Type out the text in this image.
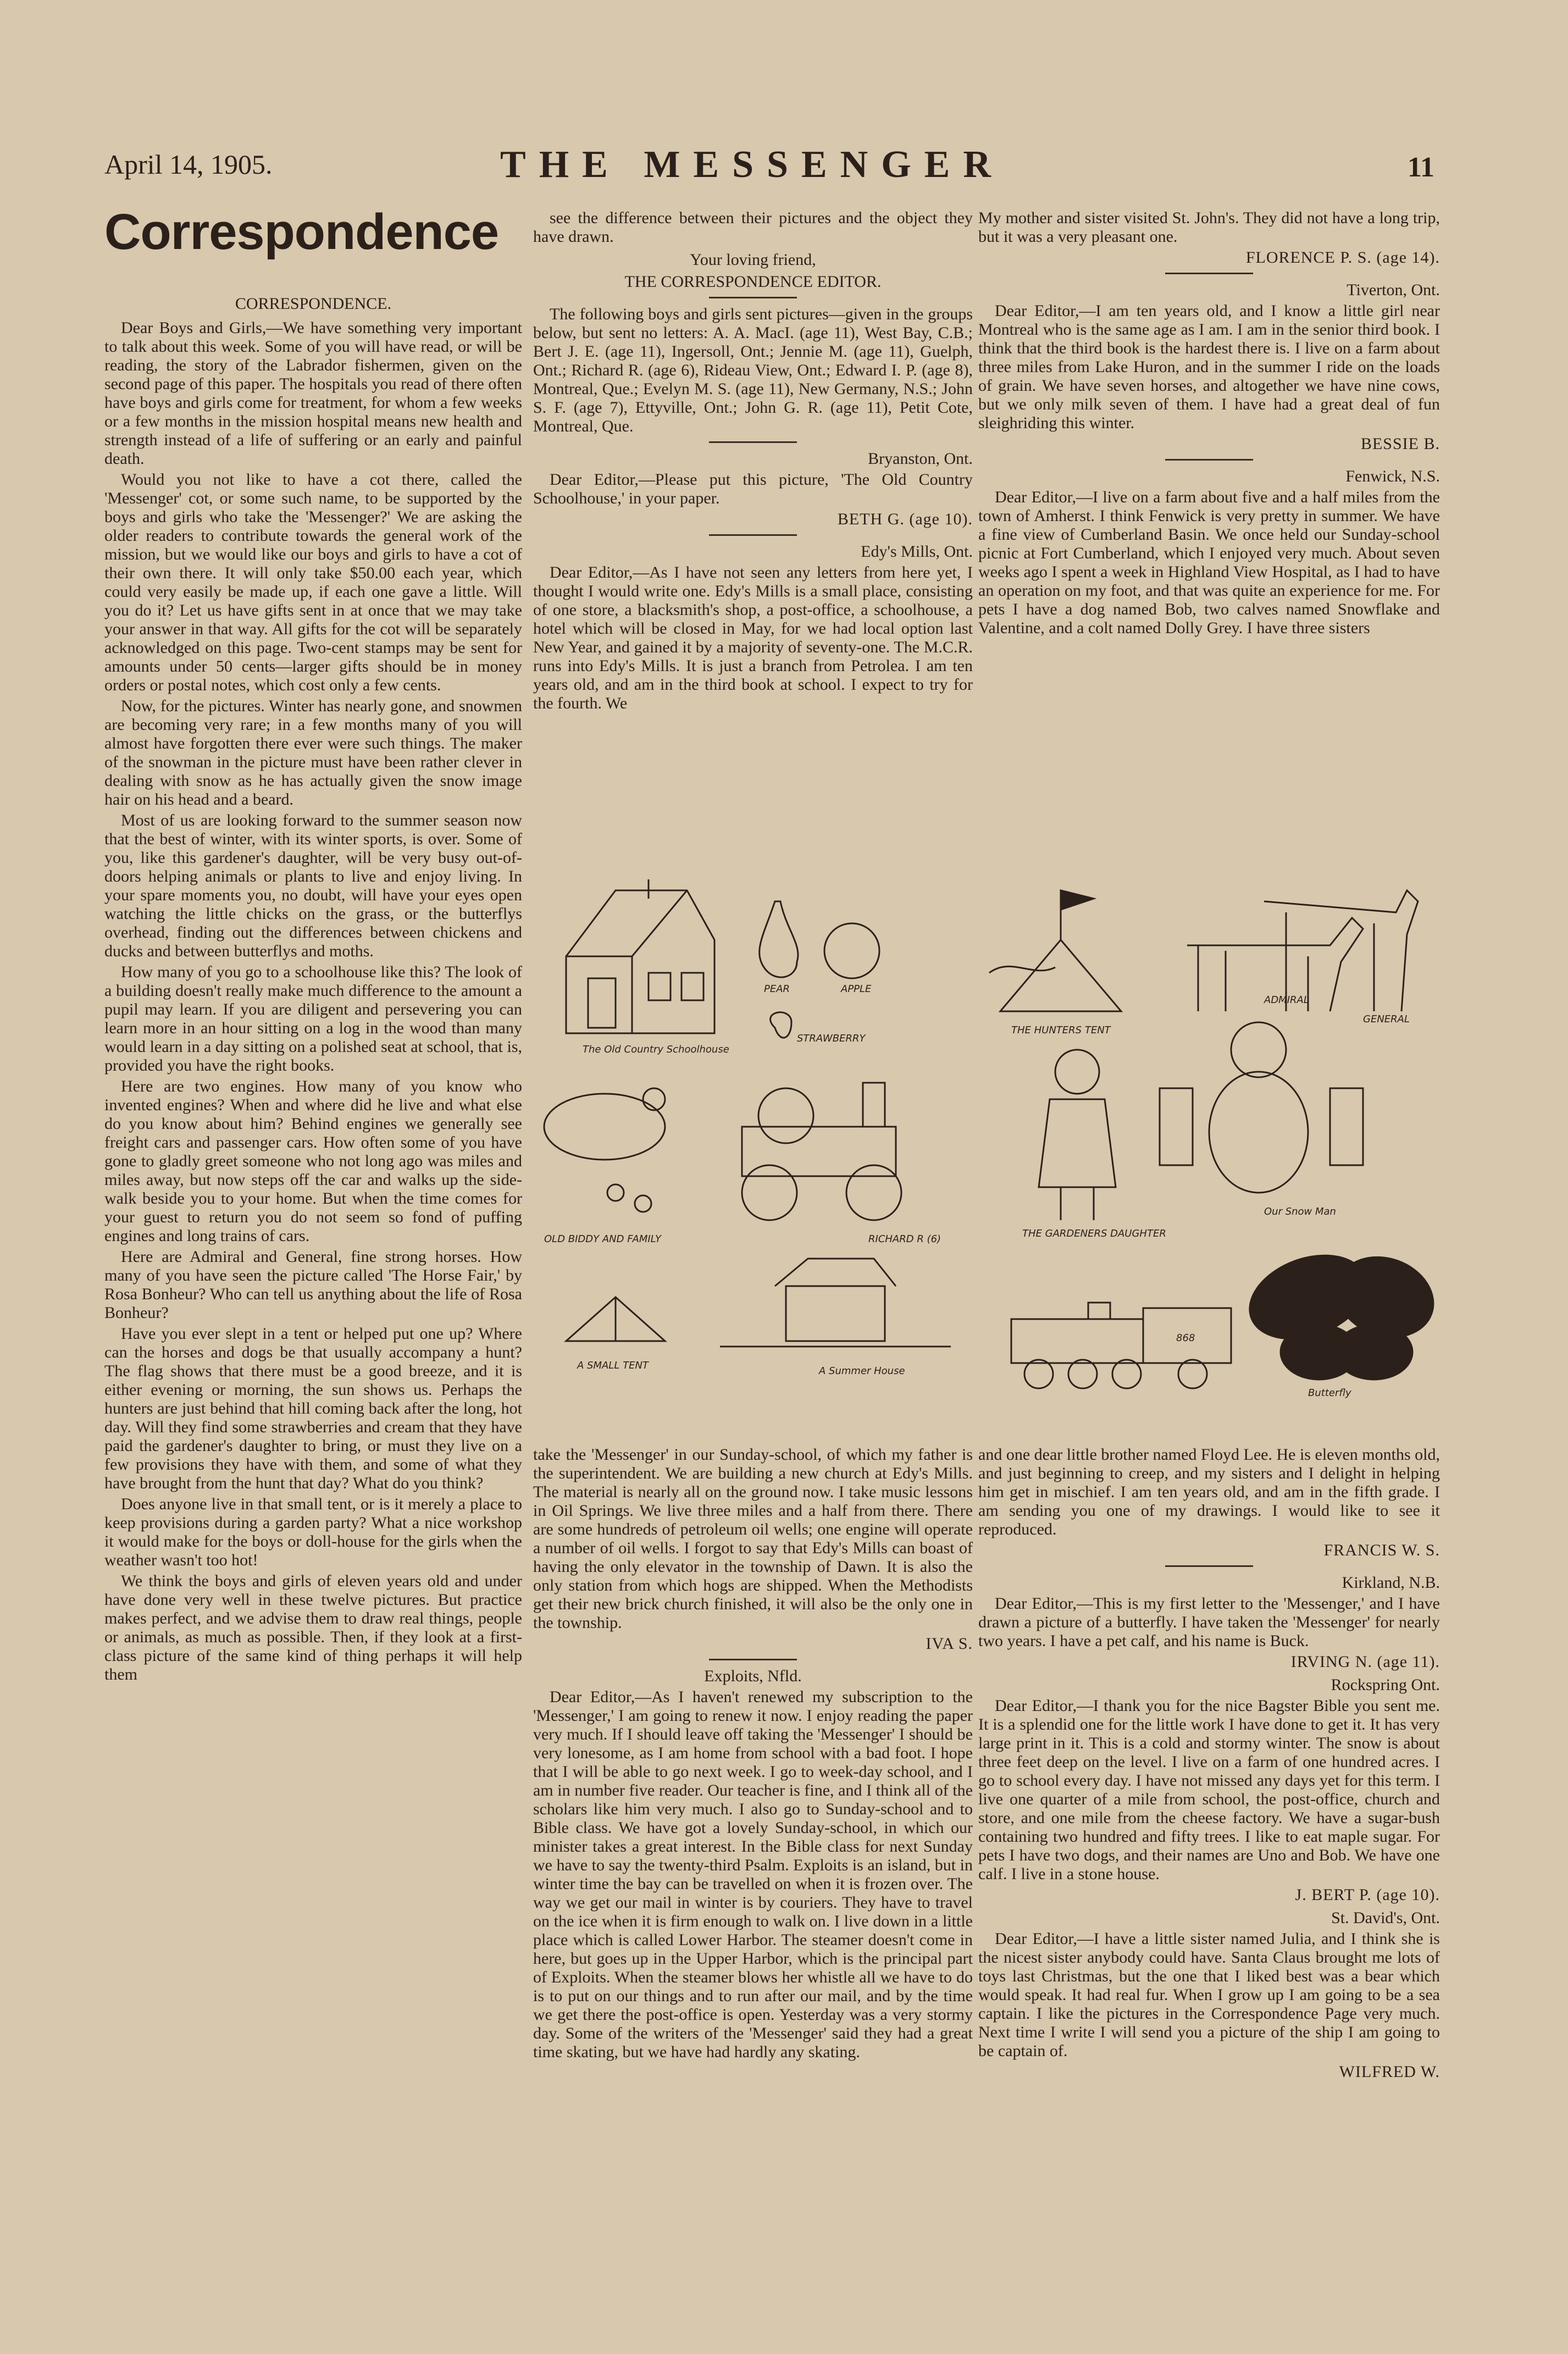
April 14, 1905.	THE MESSENGER	11
Correspondence
CORRESPONDENCE.

Dear Boys and Girls,—We have something very important to talk about this week. Some of you will have read, or will be reading, the story of the Labrador fishermen, given on the second page of this paper. The hospitals you read of there often have boys and girls come for treatment, for whom a few weeks or a few months in the mission hospital means new health and strength instead of a life of suffering or an early and painful death.

Would you not like to have a cot there, called the 'Messenger' cot, or some such name, to be supported by the boys and girls who take the 'Messenger?' We are asking the older readers to contribute towards the general work of the mission, but we would like our boys and girls to have a cot of their own there. It will only take $50.00 each year, which could very easily be made up, if each one gave a little. Will you do it? Let us have gifts sent in at once that we may take your answer in that way. All gifts for the cot will be separately acknowledged on this page. Two-cent stamps may be sent for amounts under 50 cents—larger gifts should be in money orders or postal notes, which cost only a few cents.

Now, for the pictures. Winter has nearly gone, and snowmen are becoming very rare; in a few months many of you will almost have forgotten there ever were such things. The maker of the snowman in the picture must have been rather clever in dealing with snow as he has actually given the snow image hair on his head and a beard.

Most of us are looking forward to the summer season now that the best of winter, with its winter sports, is over. Some of you, like this gardener's daughter, will be very busy out-of-doors helping animals or plants to live and enjoy living. In your spare moments you, no doubt, will have your eyes open watching the little chicks on the grass, or the butterflys overhead, finding out the differences between chickens and ducks and between butterflys and moths.

How many of you go to a schoolhouse like this? The look of a building doesn't really make much difference to the amount a pupil may learn. If you are diligent and persevering you can learn more in an hour sitting on a log in the wood than many would learn in a day sitting on a polished seat at school, that is, provided you have the right books.

Here are two engines. How many of you know who invented engines? When and where did he live and what else do you know about him? Behind engines we generally see freight cars and passenger cars. How often some of you have gone to gladly greet someone who not long ago was miles and miles away, but now steps off the car and walks up the side-walk beside you to your home. But when the time comes for your guest to return you do not seem so fond of puffing engines and long trains of cars.

Here are Admiral and General, fine strong horses. How many of you have seen the picture called 'The Horse Fair,' by Rosa Bonheur? Who can tell us anything about the life of Rosa Bonheur?

Have you ever slept in a tent or helped put one up? Where can the horses and dogs be that usually accompany a hunt? The flag shows that there must be a good breeze, and it is either evening or morning, the sun shows us. Perhaps the hunters are just behind that hill coming back after the long, hot day. Will they find some strawberries and cream that they have paid the gardener's daughter to bring, or must they live on a few provisions they have with them, and some of what they have brought from the hunt that day? What do you think?

Does anyone live in that small tent, or is it merely a place to keep provisions during a garden party? What a nice workshop it would make for the boys or doll-house for the girls when the weather wasn't too hot!

We think the boys and girls of eleven years old and under have done very well in these twelve pictures. But practice makes perfect, and we advise them to draw real things, people or animals, as much as possible. Then, if they look at a first-class picture of the same kind of thing perhaps it will help them

see the difference between their pictures and the object they have drawn.

Your loving friend,
THE CORRESPONDENCE EDITOR.

The following boys and girls sent pictures—given in the groups below, but sent no letters: A. A. MacI. (age 11), West Bay, C.B.; Bert J. E. (age 11), Ingersoll, Ont.; Jennie M. (age 11), Guelph, Ont.; Richard R. (age 6), Rideau View, Ont.; Edward I. P. (age 8), Montreal, Que.; Evelyn M. S. (age 11), New Germany, N.S.; John S. F. (age 7), Ettyville, Ont.; John G. R. (age 11), Petit Cote, Montreal, Que.

Bryanston, Ont.

Dear Editor,—Please put this picture, 'The Old Country Schoolhouse,' in your paper.

BETH G. (age 10).
Edy's Mills, Ont.

Dear Editor,—As I have not seen any letters from here yet, I thought I would write one. Edy's Mills is a small place, consisting of one store, a blacksmith's shop, a post-office, a schoolhouse, a hotel which will be closed in May, for we had local option last New Year, and gained it by a majority of seventy-one. The M.C.R. runs into Edy's Mills. It is just a branch from Petrolea. I am ten years old, and am in the third book at school. I expect to try for the fourth. We

take the 'Messenger' in our Sunday-school, of which my father is the superintendent. We are building a new church at Edy's Mills. The material is nearly all on the ground now. I take music lessons in Oil Springs. We live three miles and a half from there. There are some hundreds of petroleum oil wells; one engine will operate a number of oil wells. I forgot to say that Edy's Mills can boast of having the only elevator in the township of Dawn. It is also the only station from which hogs are shipped. When the Methodists get their new brick church finished, it will also be the only one in the township.

IVA S.
Exploits, Nfld.

Dear Editor,—As I haven't renewed my subscription to the 'Messenger,' I am going to renew it now. I enjoy reading the paper very much. If I should leave off taking the 'Messenger' I should be very lonesome, as I am home from school with a bad foot. I hope that I will be able to go next week. I go to week-day school, and I am in number five reader. Our teacher is fine, and I think all of the scholars like him very much. I also go to Sunday-school and to Bible class. We have got a lovely Sunday-school, in which our minister takes a great interest. In the Bible class for next Sunday we have to say the twenty-third Psalm. Exploits is an island, but in winter time the bay can be travelled on when it is frozen over. The way we get our mail in winter is by couriers. They have to travel on the ice when it is firm enough to walk on. I live down in a little place which is called Lower Harbor. The steamer doesn't come in here, but goes up in the Upper Harbor, which is the principal part of Exploits. When the steamer blows her whistle all we have to do is to put on our things and to run after our mail, and by the time we get there the post-office is open. Yesterday was a very stormy day. Some of the writers of the 'Messenger' said they had a great time skating, but we have had hardly any skating.

My mother and sister visited St. John's. They did not have a long trip, but it was a very pleasant one.

FLORENCE P. S. (age 14).
Tiverton, Ont.

Dear Editor,—I am ten years old, and I know a little girl near Montreal who is the same age as I am. I am in the senior third book. I think that the third book is the hardest there is. I live on a farm about three miles from Lake Huron, and in the summer I ride on the loads of grain. We have seven horses, and altogether we have nine cows, but we only milk seven of them. I have had a great deal of fun sleighriding this winter.

BESSIE B.
Fenwick, N.S.

Dear Editor,—I live on a farm about five and a half miles from the town of Amherst. I think Fenwick is very pretty in summer. We have a fine view of Cumberland Basin. We once held our Sunday-school picnic at Fort Cumberland, which I enjoyed very much. About seven weeks ago I spent a week in Highland View Hospital, as I had to have an operation on my foot, and that was quite an experience for me. For pets I have a dog named Bob, two calves named Snowflake and Valentine, and a colt named Dolly Grey. I have three sisters

and one dear little brother named Floyd Lee. He is eleven months old, and just beginning to creep, and my sisters and I delight in helping him get in mischief. I am ten years old, and am in the fifth grade. I am sending you one of my drawings. I would like to see it reproduced.

FRANCIS W. S.
Kirkland, N.B.

Dear Editor,—This is my first letter to the 'Messenger,' and I have drawn a picture of a butterfly. I have taken the 'Messenger' for nearly two years. I have a pet calf, and his name is Buck.

IRVING N. (age 11).
Rockspring Ont.

Dear Editor,—I thank you for the nice Bagster Bible you sent me. It is a splendid one for the little work I have done to get it. It has very large print in it. This is a cold and stormy winter. The snow is about three feet deep on the level. I live on a farm of one hundred acres. I go to school every day. I have not missed any days yet for this term. I live one quarter of a mile from school, the post-office, church and store, and one mile from the cheese factory. We have a sugar-bush containing two hundred and fifty trees. I like to eat maple sugar. For pets I have two dogs, and their names are Uno and Bob. We have one calf. I live in a stone house.

J. BERT P. (age 10).
St. David's, Ont.

Dear Editor,—I have a little sister named Julia, and I think she is the nicest sister anybody could have. Santa Claus brought me lots of toys last Christmas, but the one that I liked best was a bear which would speak. It had real fur. When I grow up I am going to be a sea captain. I like the pictures in the Correspondence Page very much. Next time I write I will send you a picture of the ship I am going to be captain of.

WILFRED W.
The Old Country Schoolhouse
PEAR	APPLE
STRAWBERRY
OLD BIDDY AND FAMILY	RICHARD R (6)
A SMALL TENT	A Summer House
ADMIRAL
GENERAL
THE HUNTERS TENT
THE GARDENERS DAUGHTER
Our Snow Man
868
Butterfly
